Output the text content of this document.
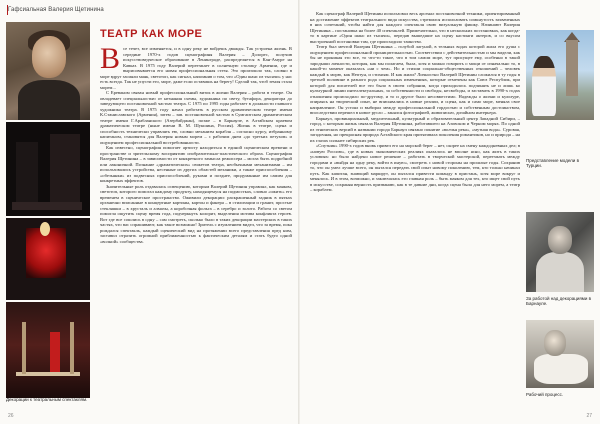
Гафсиальная Валерия Щетинина
Декорации к театральным спектаклям.
ТЕАТР КАК МОРЕ
В се течет, все изменяется, и в одну реку не войдешь дважды. Так устроена жизнь. В середине 1970-х годов сценографиня Валерия – Долорес, получив искусствоведческое образование в Ленинграде, распределяется в Кан-Амуре на Кавказ. В 1975 году Валерий переезжает в солнечную столицу Армении, где и вырисовывается его новая профессиональная стезя. Это произошло так, словно в море вдруг засияли маяк, светотоп, как сигнал, напомнив о том, что «Один шанс из тысячи» у нас есть всегда. Так не упусти его, море, даже если оставишь на берегу! Сделай так, чтоб земля стала морем...

С Ереваном связан новый профессиональный виток в жизни Валерия – работа в театре. Он овладевает специальностью от незнания схемы, художника по свету, бутафора, декоратора до заведующего постановочной частью театра. С 1975 по 1995 годы работает в должности главного художника театра. В 1975 году начал работать в русском драматическом театре имени К.Станиславского (Армения), затем – зав. постановочной частью в Сумгаитском драматическом театре имени Г.Арабланского (Азербайджан), позже – в Барнауле, в Алтайском краевом драматическом театре (ныне имени В. М. Шукшина, Россия). Жизнь в театре, сцена и способность технически управлять ею, словно механизм корабля – согласно курсу, избранному капитаном, становятся для Валерия новым морем – с рабочим днем «до третьих петухов» и ощущением профессиональной востребованности.

Как известно, сценография помогает артисту находиться в единой сценическом времени и пространстве и зрительскому восприятию изобразительно-пластического образа. Сценография Валерия Щетинина – в зависимости от конкретного замысла режиссера – могла быть подробной или лаконичной. Познание «драматических» сюжетов театра, необычными механизмами – им использовались устройства, несенные из других областей механики, а также приспособления – «обезьянки» из подвесных приспособлений, руками и позднее, придуманные им самим для конкретных эффектов.

Значительные роль отдавалась освещению, которым Валерий Щетинин управлял, как маяком, светотоп, которого помогал каждому продукту, находящемуся на подмостках, словно «ожить» его временем в сценическое пространство. Оживили декорации: раскрашенный задник в пятках органично вписанные в концертные картины, картон и фанера – в стилизации и гранит, простые стекляшки – в хрусталь и алмазы, а коробочная фольга – в серебро и золото. Работа со светом помогла ощутить сцену время года, подчеркнуть колорит, выделения мотива конфликта героев. Вот где все сошлись в одну – сам смотреть, сколько было в таких декорации мастерских в таких частях, что вас спрашивают, как такое возможно! Зритель с изумлением видел, что за время, пока рождался спектакль, каждый сценический вид на протяжении всего представления пред ним, заставил отразить огромной приближенностью к фактическим деталям и стать будто одной «волной» сообщества.

26

Как сценограф Валерий Щетинин использовал весь арсенал постановочной техники, ориентированный на достижение эффектов театрального вида искусства, стремился использовать сомкнутость захваченных в них сочетаний, чтобы найти для каждого спектакля свою визуальную фишку. Начинают Валерия Щетинина – постановка на более 40 спектаклей. Примечательно, что в нескольких постановках, как когда-то в картине «Один шанс из тысячи», передав вышедшие на сцену кастинги актеров, и со вкусом выстроенной постановки там, где происходило таинство.

Театр был мечтой Валерия Щетинина – голубой лагуной, в тельных водах которой жила его душа с ощущением профессиональной проницательностью. Соответствии с действительностью и мы видели, как бы не проникая это все, то что-то такое, что в том самом море, тут присущее ему, особенно в такой зародыши личности, которая, как мы полагаем, была, хотя и можно говорить о мощи от изначально то, в какой-то момент оказалась «ни с чем». Но и стихии социально-общественных отношений – человек каждый к морю, как Нептун, и стихиям. И как жили? Личностно Валерий Щетинин сложился в ту годы в третьей половине в разного рода социальных изменениях, которые отмечены как Союз Республик, при которой для писателей все это было в своем собрании, когда приходилось подчинять не и лишь ко культурной линии интеллектуальных, за собственности и свободы, несвободы, и заставить в 1990-х годах отношения происходило по-другому, и то и другое было несовместимо. Надежды о жизни и культуре, опираясь на творческий опыт, не вписывались в новые реалии, и сцена, как и само море, меняла свое направление. Он устоял и выбирал между профессиональной гордостью и собственным достоинством, впоследствии перешел в новое русло – занялся фотографией, живописью, дизайном интерьера.

Барнаул, провинциальный, медлительный, культурный и образовательный центр Западной Сибири, – город, с которым жизнь связала Валерия Щетинина, работавшего на Азовском и Черном морях. По одной из этнических версий в названии города Барнаул связано понятие «волчья река», «мутная вода». Суровая, загадочная, но прекрасная природа Алтайского края притягивала поколения романтиков, но и природа – на их глазах сильнее сибирских рек.

«Спутник» 1990-х годов вновь привел его на морской берег – нет, скорее на смену каждодневных дел; в «новую Россию», где в новых экономических реалиях оказалось не вполне ясно, как жить в таких условиях: но было найдено новое решение – работать в творческой мастерской, переезжать между городами и «выйдя на одну реку, войти в иную», смотреть с новой стороны на прошлые годы. Сохранив то, что он умел лучше всего, он пытался передать свой опыт новому поколению, тем, кто только начинал путь. Как капитан, знающий маршрут, он пытался привести команду в пристань, хотя море вокруг и менялось. И в этом, возможно, и заключалась его главная роль – быть маяком для тех, кто ищет свой путь в искусстве, сохраняя верность призванию, как в те давние дни, когда сцена была для него морем, а театр – кораблем.

Представление модели в Турции.
За работой над декорациями в Барнауле.
Рабочий процесс.
27
